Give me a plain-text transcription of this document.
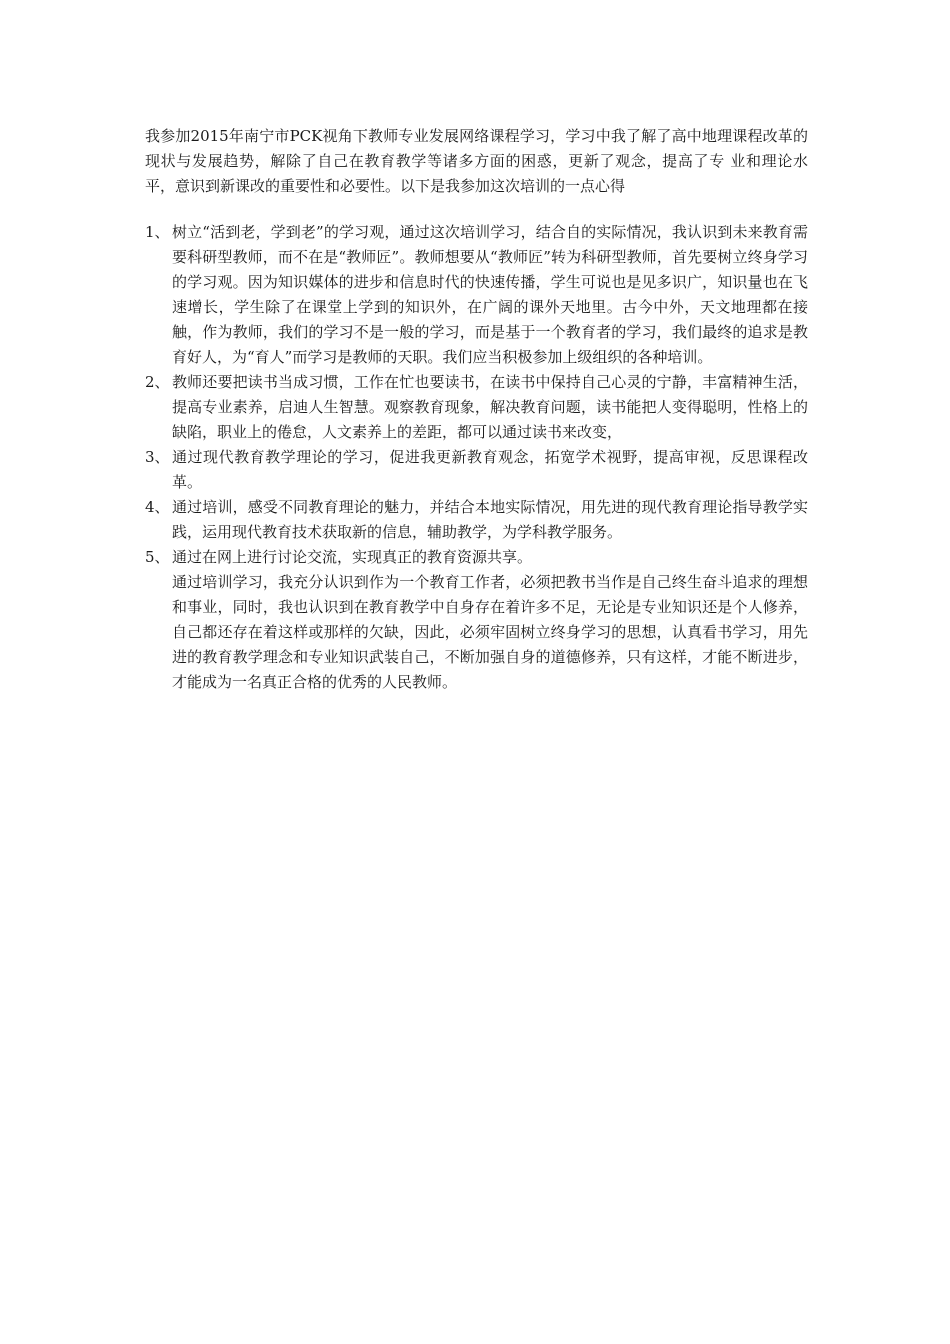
我参加2015年南宁市PCK视角下教师专业发展网络课程学习，学习中我了解了高中地理课程改革的现状与发展趋势，解除了自己在教育教学等诸多方面的困惑，更新了观念，提高了专 业和理论水平，意识到新课改的重要性和必要性。以下是我参加这次培训的一点心得

1、 树立“活到老，学到老”的学习观，通过这次培训学习，结合自的实际情况，我认识到未来教育需要科研型教师，而不在是“教师匠”。教师想要从“教师匠”转为科研型教师，首先要树立终身学习的学习观。因为知识媒体的进步和信息时代的快速传播，学生可说也是见多识广，知识量也在飞速增长，学生除了在课堂上学到的知识外，在广阔的课外天地里。古今中外，天文地理都在接触，作为教师，我们的学习不是一般的学习，而是基于一个教育者的学习，我们最终的追求是教育好人，为“育人”而学习是教师的天职。我们应当积极参加上级组织的各种培训。
2、 教师还要把读书当成习惯，工作在忙也要读书，在读书中保持自己心灵的宁静，丰富精神生活，提高专业素养，启迪人生智慧。观察教育现象，解决教育问题，读书能把人变得聪明，性格上的缺陷，职业上的倦怠，人文素养上的差距，都可以通过读书来改变，
3、 通过现代教育教学理论的学习，促进我更新教育观念，拓宽学术视野，提高审视，反思课程改革。
4、 通过培训，感受不同教育理论的魅力，并结合本地实际情况，用先进的现代教育理论指导教学实践，运用现代教育技术获取新的信息，辅助教学，为学科教学服务。
5、 通过在网上进行讨论交流，实现真正的教育资源共享。

通过培训学习，我充分认识到作为一个教育工作者，必须把教书当作是自己终生奋斗追求的理想和事业，同时，我也认识到在教育教学中自身存在着许多不足，无论是专业知识还是个人修养，自己都还存在着这样或那样的欠缺，因此，必须牢固树立终身学习的思想，认真看书学习，用先进的教育教学理念和专业知识武装自己，不断加强自身的道德修养，只有这样，才能不断进步，才能成为一名真正合格的优秀的人民教师。
